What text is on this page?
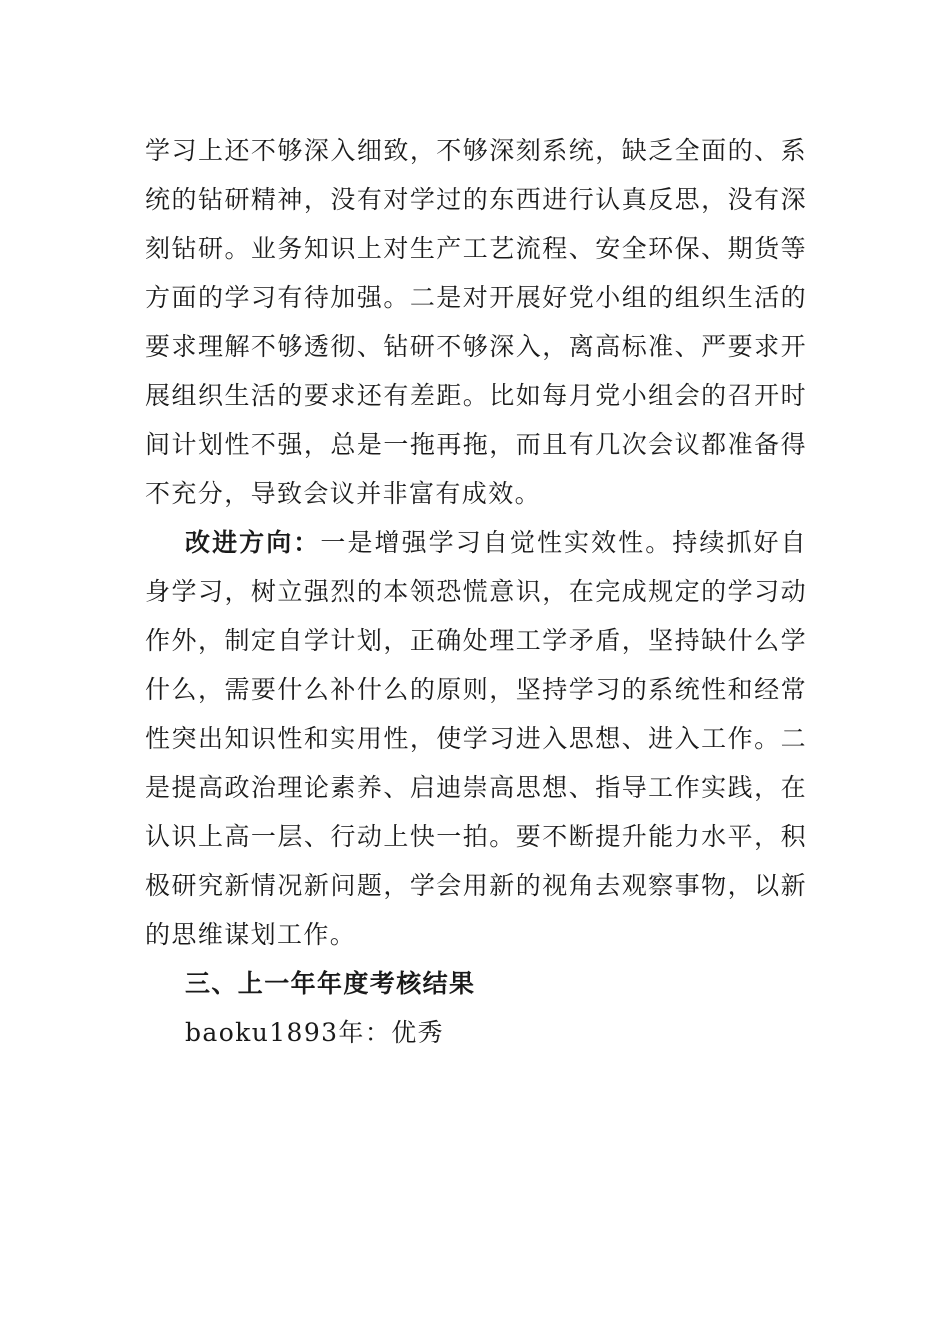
学习上还不够深入细致，不够深刻系统，缺乏全面的、系统的钻研精神，没有对学过的东西进行认真反思，没有深刻钻研。业务知识上对生产工艺流程、安全环保、期货等方面的学习有待加强。二是对开展好党小组的组织生活的要求理解不够透彻、钻研不够深入，离高标准、严要求开展组织生活的要求还有差距。比如每月党小组会的召开时间计划性不强，总是一拖再拖，而且有几次会议都准备得不充分，导致会议并非富有成效。

改进方向：一是增强学习自觉性实效性。持续抓好自身学习，树立强烈的本领恐慌意识，在完成规定的学习动作外，制定自学计划，正确处理工学矛盾，坚持缺什么学什么，需要什么补什么的原则，坚持学习的系统性和经常性突出知识性和实用性，使学习进入思想、进入工作。二是提高政治理论素养、启迪崇高思想、指导工作实践，在认识上高一层、行动上快一拍。要不断提升能力水平，积极研究新情况新问题，学会用新的视角去观察事物，以新的思维谋划工作。

三、上一年年度考核结果

baoku1893年：优秀
